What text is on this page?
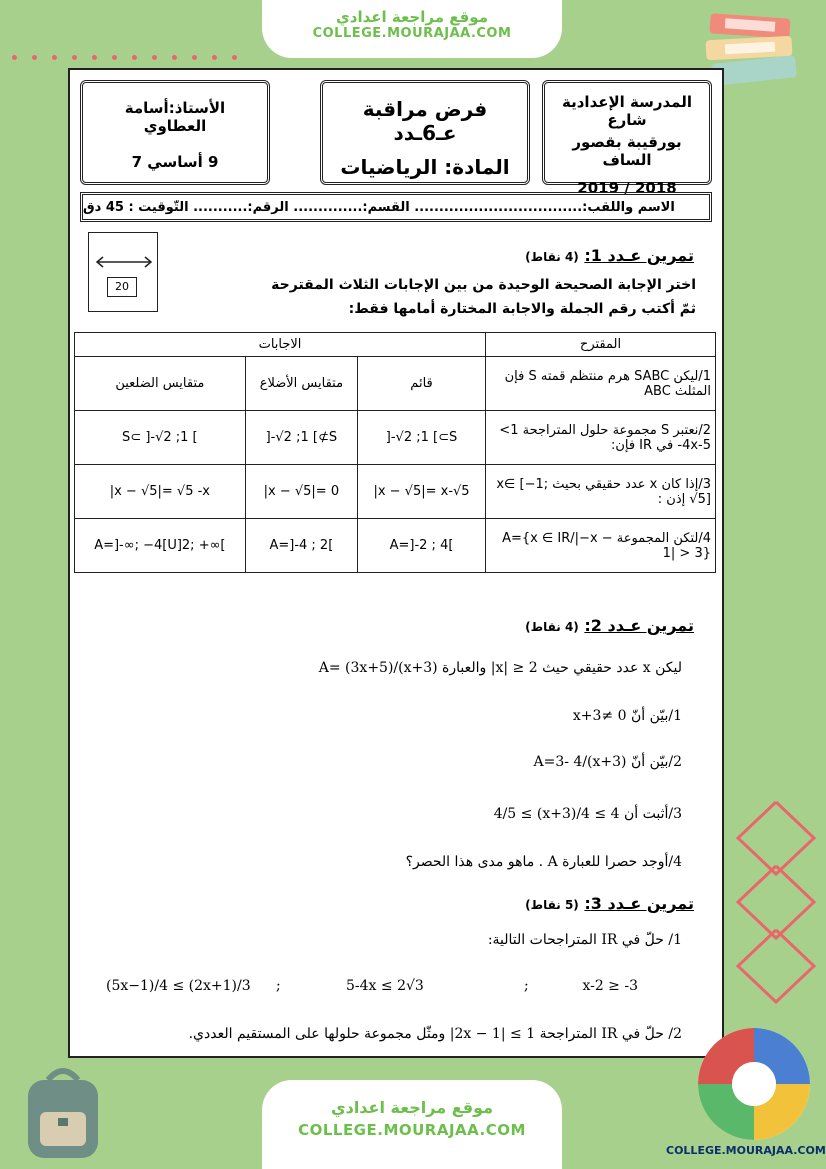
موقع مراجعة اعدادي
COLLEGE.MOURAJAA.COM
المدرسة الإعدادية شارع
بورقيبة بقصور الساف
2019 / 2018
فرض مراقبة عـ6ـدد
المادة: الرياضيات
الأستاذ:أسامة العطاوي
9 أساسي 7
الاسم واللقب:.................................. القسم:.............. الرقم:........... التّوقيت : 45 دق
20
تمرين عـدد 1: (4 نقاط)
اختر الإجابة الصحيحة الوحيدة من بين الإجابات الثلاث المقترحة
ثمّ أكتب رقم الجملة والاجابة المختارة أمامها فقط:
الاجابات			المقترح
متقايس الضلعين	متقايس الأضلاع	قائم	1/ليكن SABC هرم منتظم قمته S فإن المثلث ABC
S⊂ ]-√2 ;1 [	]-√2 ;1 [⊄S	]-√2 ;1 [⊂S	2/نعتبر S مجموعة حلول المتراجحة 1> 4x-5- في IR فإن:
|x − √5|= √5 -x	|x − √5|= 0	|x − √5|= x-√5	3/إذا كان x عدد حقيقي بحيث x∈ [−1; √5] إذن :
A=]-∞; −4[U]2; +∞[	A=]-4 ; 2[	A=]-2 ; 4[	4/لتكن المجموعة A={x ∈ IR/|−x − 1| > 3}
تمرين عـدد 2: (4 نقاط)
ليكن x عدد حقيقي حيث 2 ≤ |x| والعبارة A= (3x+5)/(x+3)
1/بيّن أنّ x+3≠ 0
2/بيّن أنّ A=3- 4/(x+3)
3/أثبت أن 4 ≥ 4/(x+3) ≥ 4/5
4/أوجد حصرا للعبارة A . ماهو مدى هذا الحصر؟
تمرين عـدد 3: (5 نقاط)
1/ حلّ في IR المتراجحات التالية:
x-2 ≥ -3
;
5-4x ≤ 2√3
;
(5x−1)/4 ≤ (2x+1)/3
2/ حلّ في IR المتراجحة 1 ≥ |2x − 1| ومثّل مجموعة حلولها على المستقيم العددي.
COLLEGE.MOURAJAA.COM
موقع مراجعة اعدادي
COLLEGE.MOURAJAA.COM
